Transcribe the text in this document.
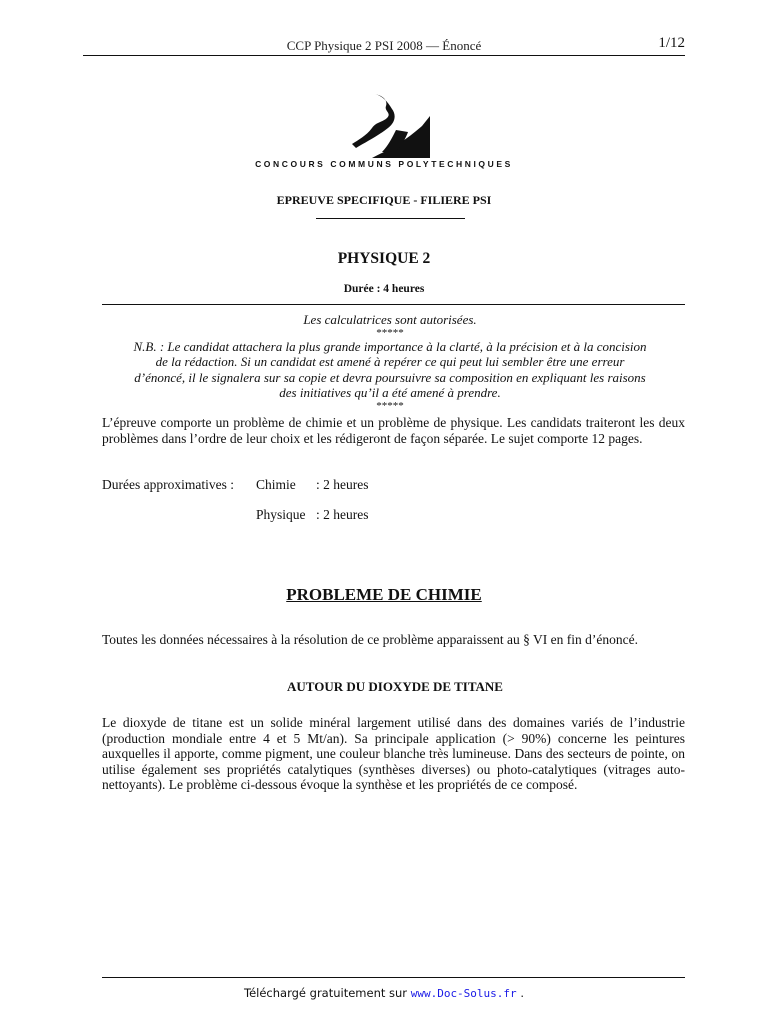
CCP Physique 2 PSI 2008 — Énoncé	1/12
CONCOURS COMMUNS POLYTECHNIQUES
EPREUVE SPECIFIQUE - FILIERE PSI
PHYSIQUE 2
Durée : 4 heures
Les calculatrices sont autorisées.
*****
N.B. : Le candidat attachera la plus grande importance à la clarté, à la précision et à la concision
de la rédaction. Si un candidat est amené à repérer ce qui peut lui sembler être une erreur
d’énoncé, il le signalera sur sa copie et devra poursuivre sa composition en expliquant les raisons
des initiatives qu’il a été amené à prendre.
*****
L’épreuve comporte un problème de chimie et un problème de physique. Les candidats traiteront les deux problèmes dans l’ordre de leur choix et les rédigeront de façon séparée. Le sujet comporte 12 pages.
Durées approximatives : Chimie : 2 heures
Physique : 2 heures
PROBLEME DE CHIMIE
Toutes les données nécessaires à la résolution de ce problème apparaissent au § VI en fin d’énoncé.
AUTOUR DU DIOXYDE DE TITANE
Le dioxyde de titane est un solide minéral largement utilisé dans des domaines variés de l’industrie (production mondiale entre 4 et 5 Mt/an). Sa principale application (> 90%) concerne les peintures auxquelles il apporte, comme pigment, une couleur blanche très lumineuse. Dans des secteurs de pointe, on utilise également ses propriétés catalytiques (synthèses diverses) ou photo-catalytiques (vitrages auto-nettoyants). Le problème ci-dessous évoque la synthèse et les propriétés de ce composé.
Téléchargé gratuitement sur www.Doc-Solus.fr .
